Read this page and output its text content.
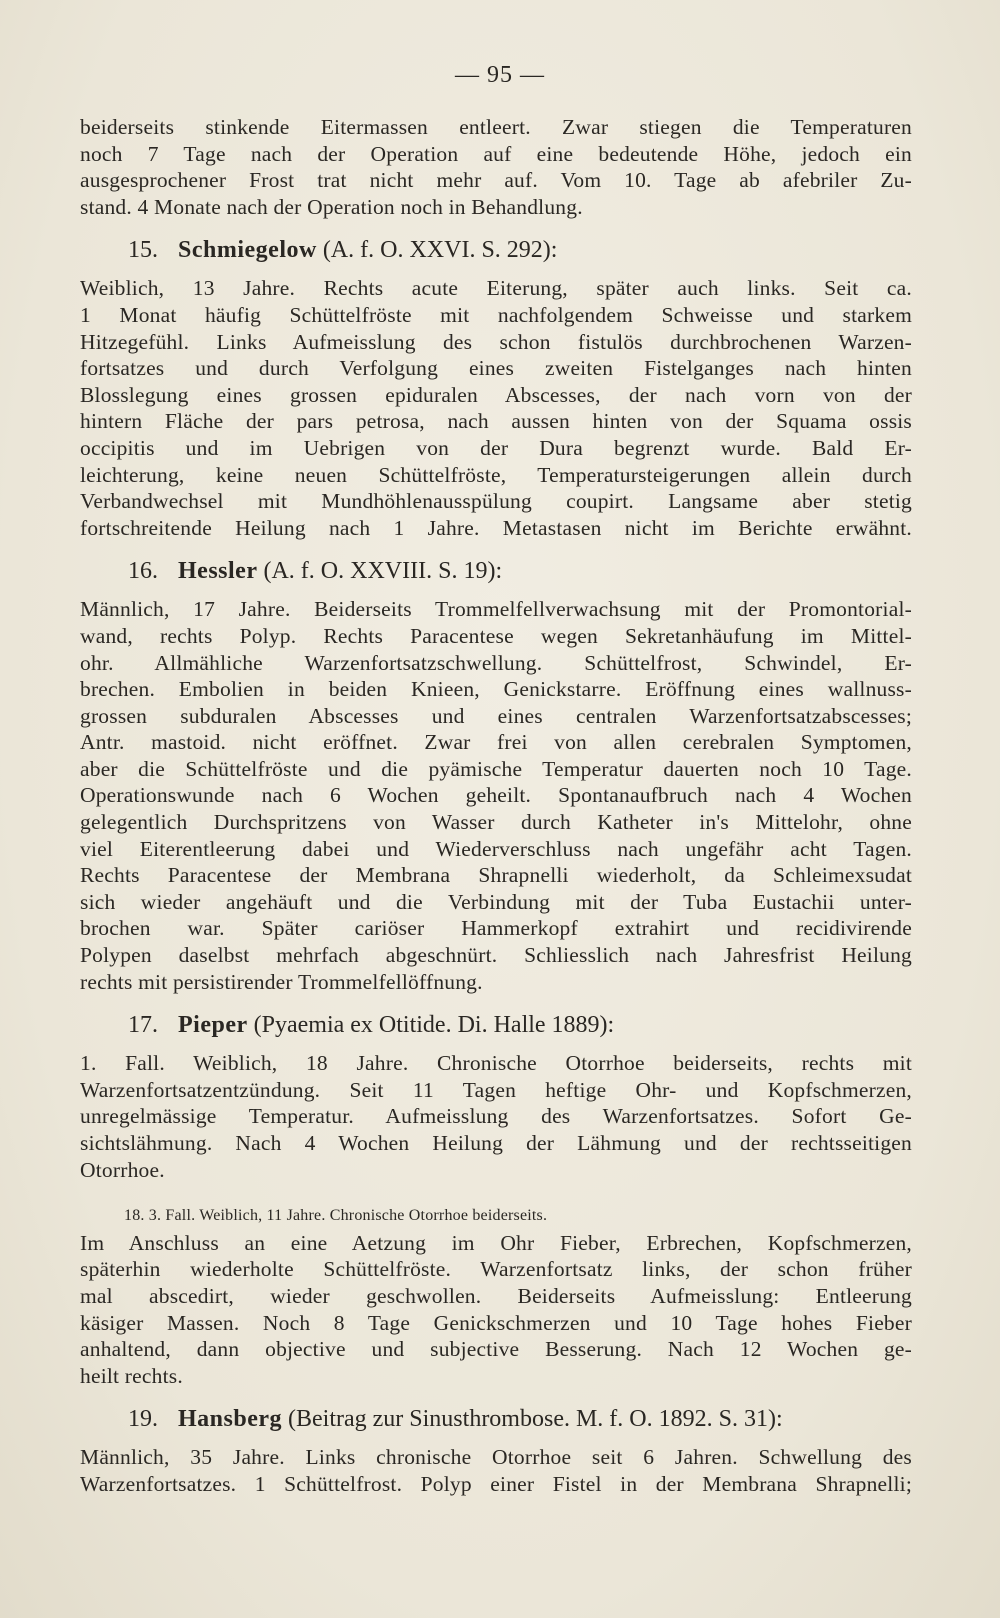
— 95 —
beiderseits stinkende Eitermassen entleert. Zwar stiegen die Temperaturen
noch 7 Tage nach der Operation auf eine bedeutende Höhe, jedoch ein
ausgesprochener Frost trat nicht mehr auf. Vom 10. Tage ab afebriler Zu-
stand. 4 Monate nach der Operation noch in Behandlung.
15. Schmiegelow (A. f. O. XXVI. S. 292):
Weiblich, 13 Jahre. Rechts acute Eiterung, später auch links. Seit ca.
1 Monat häufig Schüttelfröste mit nachfolgendem Schweisse und starkem
Hitzegefühl. Links Aufmeisslung des schon fistulös durchbrochenen Warzen-
fortsatzes und durch Verfolgung eines zweiten Fistelganges nach hinten
Blosslegung eines grossen epiduralen Abscesses, der nach vorn von der
hintern Fläche der pars petrosa, nach aussen hinten von der Squama ossis
occipitis und im Uebrigen von der Dura begrenzt wurde. Bald Er-
leichterung, keine neuen Schüttelfröste, Temperatursteigerungen allein durch
Verbandwechsel mit Mundhöhlenausspülung coupirt. Langsame aber stetig
fortschreitende Heilung nach 1 Jahre. Metastasen nicht im Berichte erwähnt.
16. Hessler (A. f. O. XXVIII. S. 19):
Männlich, 17 Jahre. Beiderseits Trommelfellverwachsung mit der Promontorial-
wand, rechts Polyp. Rechts Paracentese wegen Sekretanhäufung im Mittel-
ohr. Allmähliche Warzenfortsatzschwellung. Schüttelfrost, Schwindel, Er-
brechen. Embolien in beiden Knieen, Genickstarre. Eröffnung eines wallnuss-
grossen subduralen Abscesses und eines centralen Warzenfortsatzabscesses;
Antr. mastoid. nicht eröffnet. Zwar frei von allen cerebralen Symptomen,
aber die Schüttelfröste und die pyämische Temperatur dauerten noch 10 Tage.
Operationswunde nach 6 Wochen geheilt. Spontanaufbruch nach 4 Wochen
gelegentlich Durchspritzens von Wasser durch Katheter in's Mittelohr, ohne
viel Eiterentleerung dabei und Wiederverschluss nach ungefähr acht Tagen.
Rechts Paracentese der Membrana Shrapnelli wiederholt, da Schleimexsudat
sich wieder angehäuft und die Verbindung mit der Tuba Eustachii unter-
brochen war. Später cariöser Hammerkopf extrahirt und recidivirende
Polypen daselbst mehrfach abgeschnürt. Schliesslich nach Jahresfrist Heilung
rechts mit persistirender Trommelfellöffnung.
17. Pieper (Pyaemia ex Otitide. Di. Halle 1889):
1. Fall. Weiblich, 18 Jahre. Chronische Otorrhoe beiderseits, rechts mit
Warzenfortsatzentzündung. Seit 11 Tagen heftige Ohr- und Kopfschmerzen,
unregelmässige Temperatur. Aufmeisslung des Warzenfortsatzes. Sofort Ge-
sichtslähmung. Nach 4 Wochen Heilung der Lähmung und der rechtsseitigen
Otorrhoe.
18. 3. Fall. Weiblich, 11 Jahre. Chronische Otorrhoe beiderseits.
Im Anschluss an eine Aetzung im Ohr Fieber, Erbrechen, Kopfschmerzen,
späterhin wiederholte Schüttelfröste. Warzenfortsatz links, der schon früher
mal abscedirt, wieder geschwollen. Beiderseits Aufmeisslung: Entleerung
käsiger Massen. Noch 8 Tage Genickschmerzen und 10 Tage hohes Fieber
anhaltend, dann objective und subjective Besserung. Nach 12 Wochen ge-
heilt rechts.
19. Hansberg (Beitrag zur Sinusthrombose. M. f. O. 1892. S. 31):
Männlich, 35 Jahre. Links chronische Otorrhoe seit 6 Jahren. Schwellung des
Warzenfortsatzes. 1 Schüttelfrost. Polyp einer Fistel in der Membrana Shrapnelli;
